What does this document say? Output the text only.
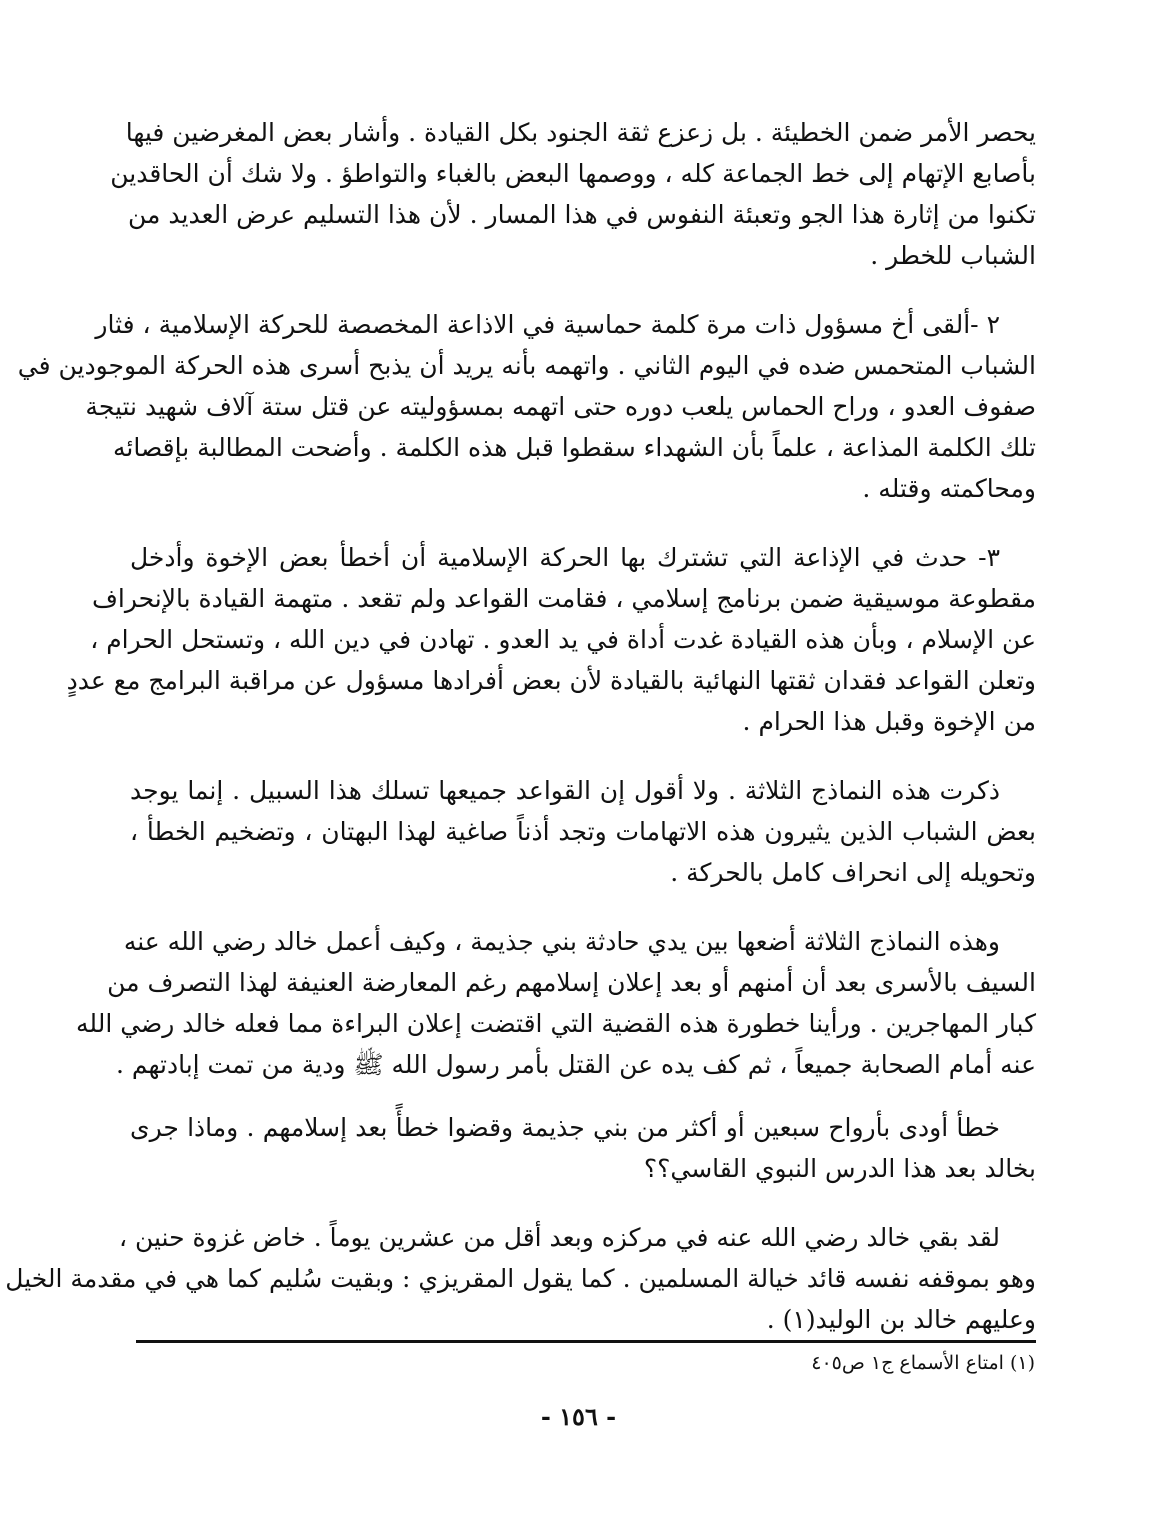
يحصر الأمر ضمن الخطيئة . بل زعزع ثقة الجنود بكل القيادة . وأشار بعض المغرضين فيها
بأصابع الإتهام إلى خط الجماعة كله ، ووصمها البعض بالغباء والتواطؤ . ولا شك أن الحاقدين
تكنوا من إثارة هذا الجو وتعبئة النفوس في هذا المسار . لأن هذا التسليم عرض العديد من
الشباب للخطر .
٢ -ألقى أخ مسؤول ذات مرة كلمة حماسية في الاذاعة المخصصة للحركة الإسلامية ، فثار
الشباب المتحمس ضده في اليوم الثاني . واتهمه بأنه يريد أن يذبح أسرى هذه الحركة الموجودين في
صفوف العدو ، وراح الحماس يلعب دوره حتى اتهمه بمسؤوليته عن قتل ستة آلاف شهيد نتيجة
تلك الكلمة المذاعة ، علماً بأن الشهداء سقطوا قبل هذه الكلمة . وأضحت المطالبة بإقصائه
ومحاكمته وقتله .
٣- حدث في الإذاعة التي تشترك بها الحركة الإسلامية أن أخطأ بعض الإخوة وأدخل
مقطوعة موسيقية ضمن برنامج إسلامي ، فقامت القواعد ولم تقعد . متهمة القيادة بالإنحراف
عن الإسلام ، وبأن هذه القيادة غدت أداة في يد العدو . تهادن في دين الله ، وتستحل الحرام ،
وتعلن القواعد فقدان ثقتها النهائية بالقيادة لأن بعض أفرادها مسؤول عن مراقبة البرامج مع عددٍ
من الإخوة وقبل هذا الحرام .
ذكرت هذه النماذج الثلاثة . ولا أقول إن القواعد جميعها تسلك هذا السبيل . إنما يوجد
بعض الشباب الذين يثيرون هذه الاتهامات وتجد أذناً صاغية لهذا البهتان ، وتضخيم الخطأ ،
وتحويله إلى انحراف كامل بالحركة .
وهذه النماذج الثلاثة أضعها بين يدي حادثة بني جذيمة ، وكيف أعمل خالد رضي الله عنه
السيف بالأسرى بعد أن أمنهم أو بعد إعلان إسلامهم رغم المعارضة العنيفة لهذا التصرف من
كبار المهاجرين . ورأينا خطورة هذه القضية التي اقتضت إعلان البراءة مما فعله خالد رضي الله
عنه أمام الصحابة جميعاً ، ثم كف يده عن القتل بأمر رسول الله ﷺ ودية من تمت إبادتهم .
خطأ أودى بأرواح سبعين أو أكثر من بني جذيمة وقضوا خطأً بعد إسلامهم . وماذا جرى
بخالد بعد هذا الدرس النبوي القاسي؟؟
لقد بقي خالد رضي الله عنه في مركزه وبعد أقل من عشرين يوماً . خاض غزوة حنين ،
وهو بموقفه نفسه قائد خيالة المسلمين . كما يقول المقريزي : وبقيت سُليم كما هي في مقدمة الخيل
وعليهم خالد بن الوليد(١) .
(١) امتاع الأسماع ج١ ص٤٠٥
- ١٥٦ -
